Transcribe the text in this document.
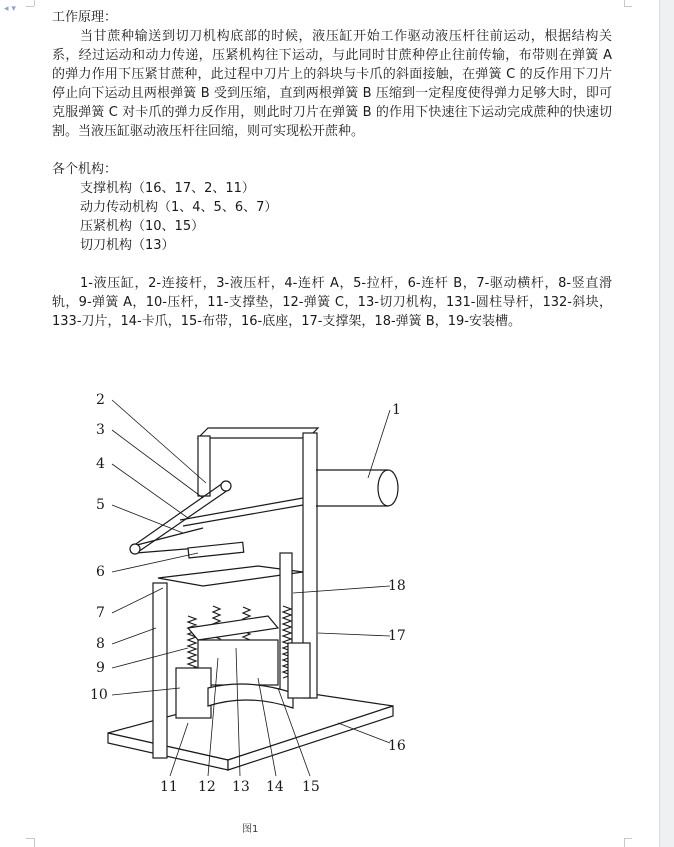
◂ ▾

工作原理：

当甘蔗种输送到切刀机构底部的时候，液压缸开始工作驱动液压杆往前运动，根据结构关系，经过运动和动力传递，压紧机构往下运动，与此同时甘蔗种停止往前传输，布带则在弹簧 A 的弹力作用下压紧甘蔗种，此过程中刀片上的斜块与卡爪的斜面接触，在弹簧 C 的反作用下刀片停止向下运动且两根弹簧 B 受到压缩，直到两根弹簧 B 压缩到一定程度使得弹力足够大时，即可克服弹簧 C 对卡爪的弹力反作用，则此时刀片在弹簧 B 的作用下快速往下运动完成蔗种的快速切割。当液压缸驱动液压杆往回缩，则可实现松开蔗种。

各个机构：

支撑机构（16、17、2、11）
动力传动机构（1、4、5、6、7）
压紧机构（10、15）
切刀机构（13）

1-液压缸，2-连接杆，3-液压杆，4-连杆 A，5-拉杆，6-连杆 B，7-驱动横杆，8-竖直滑轨，9-弹簧 A，10-压杆，11-支撑垫，12-弹簧 C，13-切刀机构，131-圆柱导杆，132-斜块，133-刀片，14-卡爪，15-布带，16-底座，17-支撑架，18-弹簧 B，19-安装槽。

2
3
4
5
6
7
8
9
10
1
18
17
16
11 12 13 14 15
图1
